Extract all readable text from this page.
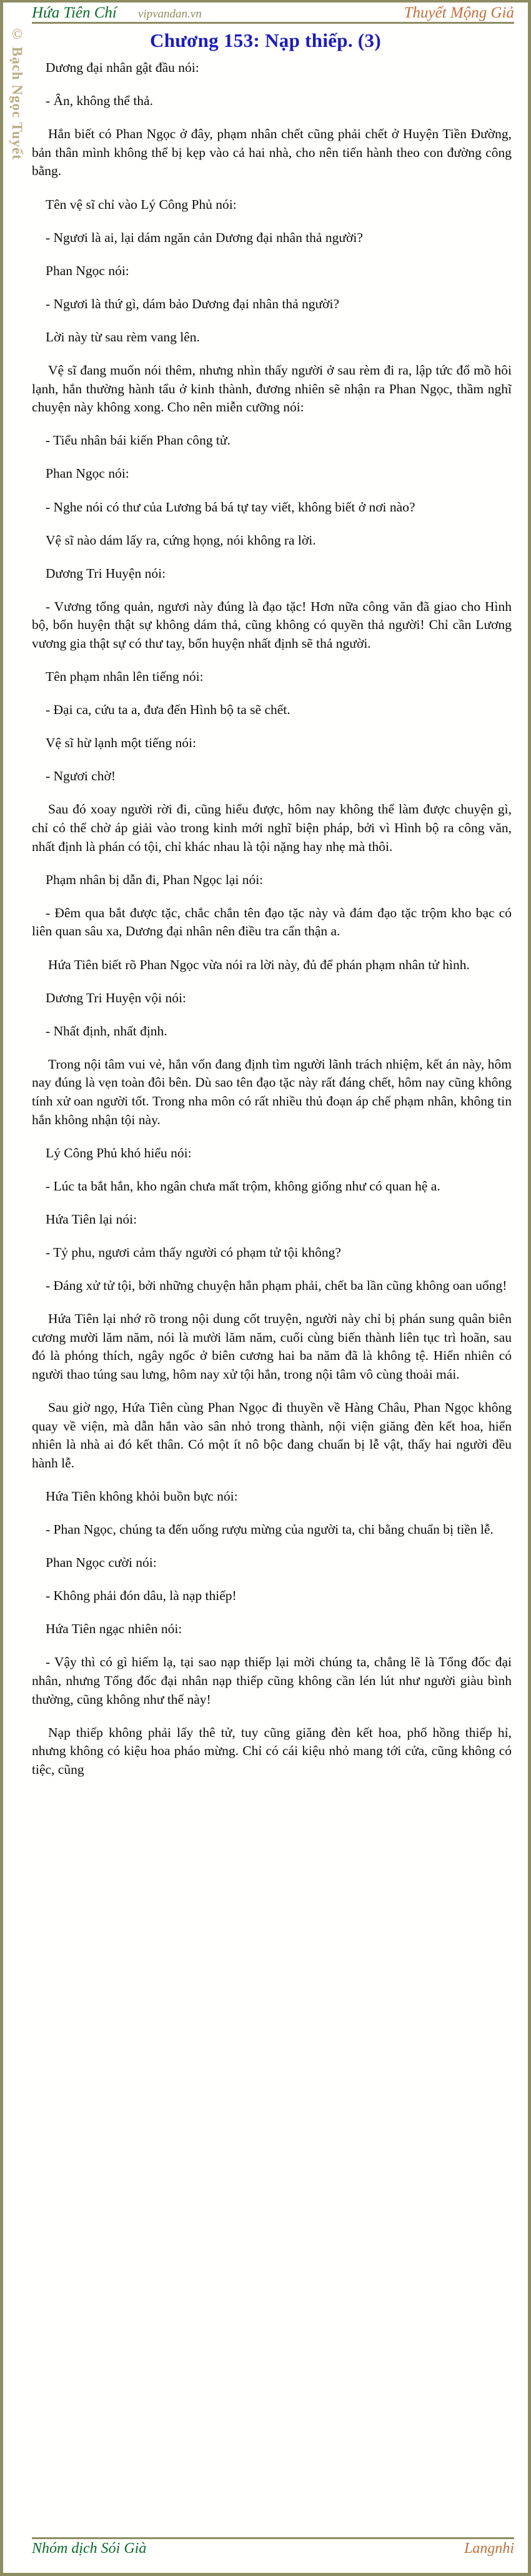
Hứa Tiên Chí vipvandan.vn	Thuyết Mộng Giả
Chương 153: Nạp thiếp. (3)
© Bạch Ngọc Tuyết	Dương đại nhân gật đầu nói:

- Ân, không thể thả.

Hắn biết có Phan Ngọc ở đây, phạm nhân chết cũng phải chết ở Huyện Tiền Đường, bản thân mình không thể bị kẹp vào cả hai nhà, cho nên tiến hành theo con đường công bằng.

Tên vệ sĩ chỉ vào Lý Công Phủ nói:

- Ngươi là ai, lại dám ngăn cản Dương đại nhân thả người?

Phan Ngọc nói:

- Ngươi là thứ gì, dám bảo Dương đại nhân thả người?

Lời này từ sau rèm vang lên.

Vệ sĩ đang muốn nói thêm, nhưng nhìn thấy người ở sau rèm đi ra, lập tức đổ mồ hôi lạnh, hắn thường hành tẩu ở kinh thành, đương nhiên sẽ nhận ra Phan Ngọc, thầm nghĩ chuyện này không xong. Cho nên miễn cưỡng nói:

- Tiểu nhân bái kiến Phan công tử.

Phan Ngọc nói:

- Nghe nói có thư của Lương bá bá tự tay viết, không biết ở nơi nào?

Vệ sĩ nào dám lấy ra, cứng họng, nói không ra lời.

Dương Tri Huyện nói:

- Vương tổng quản, ngươi này đúng là đạo tặc! Hơn nữa công văn đã giao cho Hình bộ, bổn huyện thật sự không dám thả, cũng không có quyền thả người! Chỉ cần Lương vương gia thật sự có thư tay, bổn huyện nhất định sẽ thả người.

Tên phạm nhân lên tiếng nói:

- Đại ca, cứu ta a, đưa đến Hình bộ ta sẽ chết.

Vệ sĩ hừ lạnh một tiếng nói:

- Ngươi chờ!

Sau đó xoay người rời đi, cũng hiểu được, hôm nay không thể làm được chuyện gì, chỉ có thể chờ áp giải vào trong kinh mới nghĩ biện pháp, bởi vì Hình bộ ra công văn, nhất định là phán có tội, chỉ khác nhau là tội nặng hay nhẹ mà thôi.

Phạm nhân bị dẫn đi, Phan Ngọc lại nói:

- Đêm qua bắt được tặc, chắc chắn tên đạo tặc này và đám đạo tặc trộm kho bạc có liên quan sâu xa, Dương đại nhân nên điều tra cẩn thận a.

Hứa Tiên biết rõ Phan Ngọc vừa nói ra lời này, đủ để phán phạm nhân tử hình.

Dương Tri Huyện vội nói:

- Nhất định, nhất định.

Trong nội tâm vui vẻ, hắn vốn đang định tìm người lãnh trách nhiệm, kết án này, hôm nay đúng là vẹn toàn đôi bên. Dù sao tên đạo tặc này rất đáng chết, hôm nay cũng không tính xử oan người tốt. Trong nha môn có rất nhiều thủ đoạn áp chế phạm nhân, không tin hắn không nhận tội này.

Lý Công Phủ khó hiểu nói:

- Lúc ta bắt hắn, kho ngân chưa mất trộm, không giống như có quan hệ a.

Hứa Tiên lại nói:

- Tỷ phu, ngươi cảm thấy người có phạm tử tội không?

- Đáng xử tử tội, bởi những chuyện hắn phạm phải, chết ba lần cũng không oan uổng!

Hứa Tiên lại nhớ rõ trong nội dung cốt truyện, người này chỉ bị phán sung quân biên cương mười lăm năm, nói là mười lăm năm, cuối cùng biến thành liên tục trì hoãn, sau đó là phóng thích, ngây ngốc ở biên cương hai ba năm đã là không tệ. Hiển nhiên có người thao túng sau lưng, hôm nay xử tội hắn, trong nội tâm vô cùng thoải mái.

Sau giờ ngọ, Hứa Tiên cùng Phan Ngọc đi thuyền về Hàng Châu, Phan Ngọc không quay về viện, mà dẫn hắn vào sân nhỏ trong thành, nội viện giăng đèn kết hoa, hiển nhiên là nhà ai đó kết thân. Có một ít nô bộc đang chuẩn bị lễ vật, thấy hai người đều hành lễ.

Hứa Tiên không khỏi buồn bực nói:

- Phan Ngọc, chúng ta đến uống rượu mừng của người ta, chi bằng chuẩn bị tiền lễ.

Phan Ngọc cười nói:

- Không phải đón dâu, là nạp thiếp!

Hứa Tiên ngạc nhiên nói:

- Vậy thì có gì hiếm lạ, tại sao nạp thiếp lại mời chúng ta, chẳng lẽ là Tổng đốc đại nhân, nhưng Tổng đốc đại nhân nạp thiếp cũng không cần lén lút như người giàu bình thường, cũng không như thế này!

Nạp thiếp không phải lấy thê tử, tuy cũng giăng đèn kết hoa, phố hồng thiếp hỉ, nhưng không có kiệu hoa pháo mừng. Chỉ có cái kiệu nhỏ mang tới cửa, cũng không có tiệc, cũng

Nhóm dịch Sói Già	Langnhi
